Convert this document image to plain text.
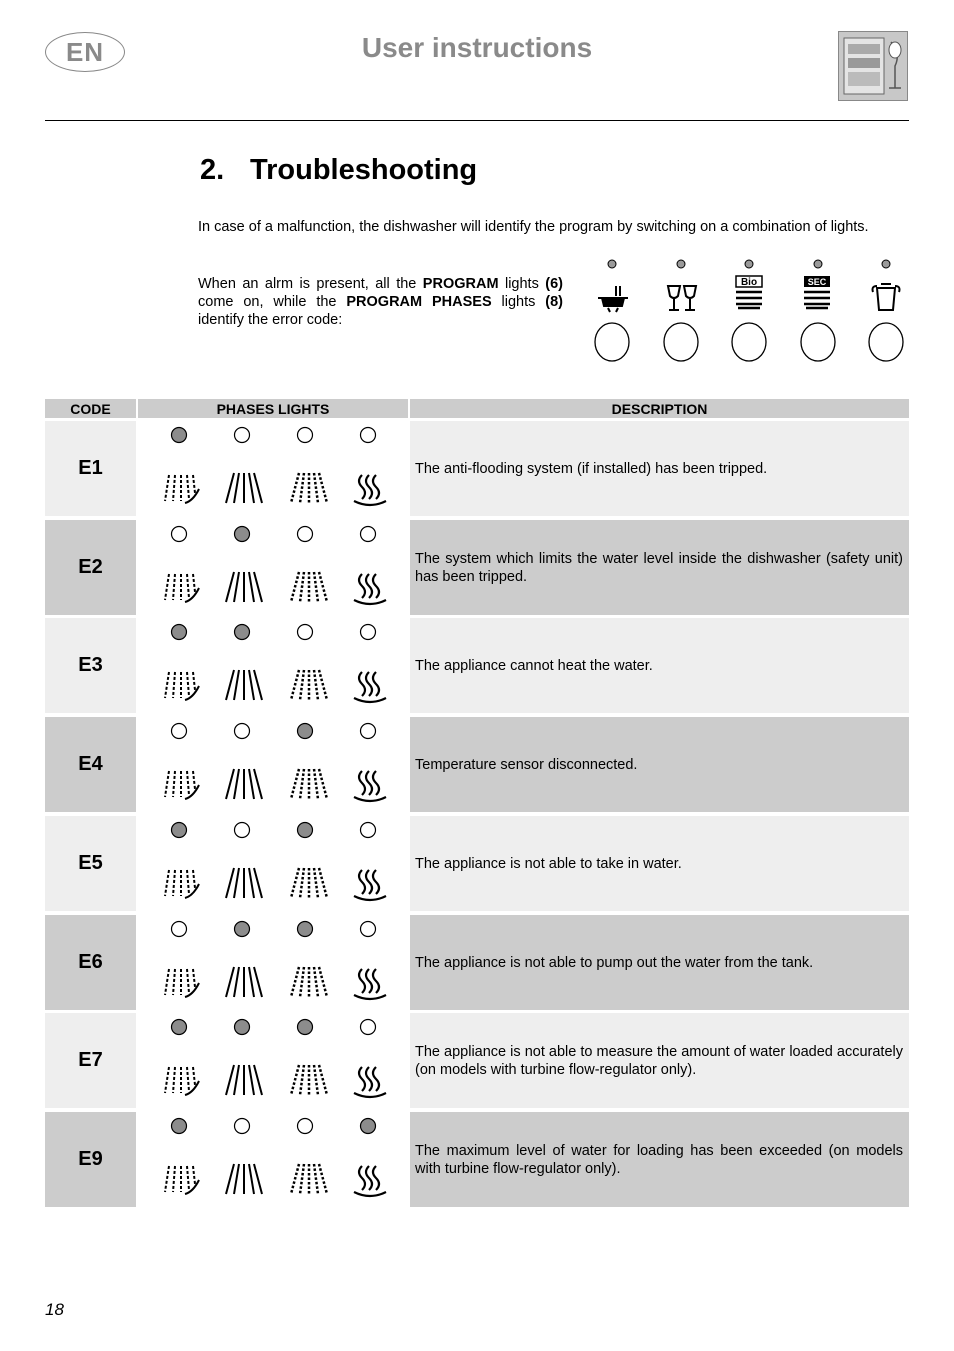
EN	User instructions
2. Troubleshooting
In case of a malfunction, the dishwasher will identify the program by switching on a combination of lights.
When an alrm is present, all the PROGRAM lights (6) come on, while the PROGRAM PHASES lights (8) identify the error code:
Bio	SEC
CODE	PHASES LIGHTS	DESCRIPTION
E1	The anti-flooding system (if installed) has been tripped.
E2	The system which limits the water level inside the dishwasher (safety unit) has been tripped.
E3	The appliance cannot heat the water.
E4	Temperature sensor disconnected.
E5	The appliance is not able to take in water.
E6	The appliance is not able to pump out the water from the tank.
E7	The appliance is not able to measure the amount of water loaded accurately (on models with turbine flow-regulator only).
E9	The maximum level of water for loading has been exceeded (on models with turbine flow-regulator only).
18
